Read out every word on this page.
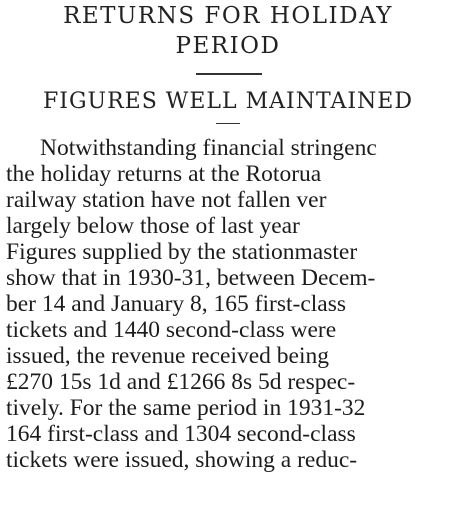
RETURNS FOR HOLIDAY
PERIOD
FIGURES WELL MAINTAINED
Notwithstanding financial stringenc
the holiday returns at the Rotorua
railway station have not fallen ver
largely below those of last year
Figures supplied by the stationmaster
show that in 1930-31, between Decem-
ber 14 and January 8, 165 first-class
tickets and 1440 second-class were
issued, the revenue received being
£270 15s 1d and £1266 8s 5d respec-
tively. For the same period in 1931-32
164 first-class and 1304 second-class
tickets were issued, showing a reduc-
